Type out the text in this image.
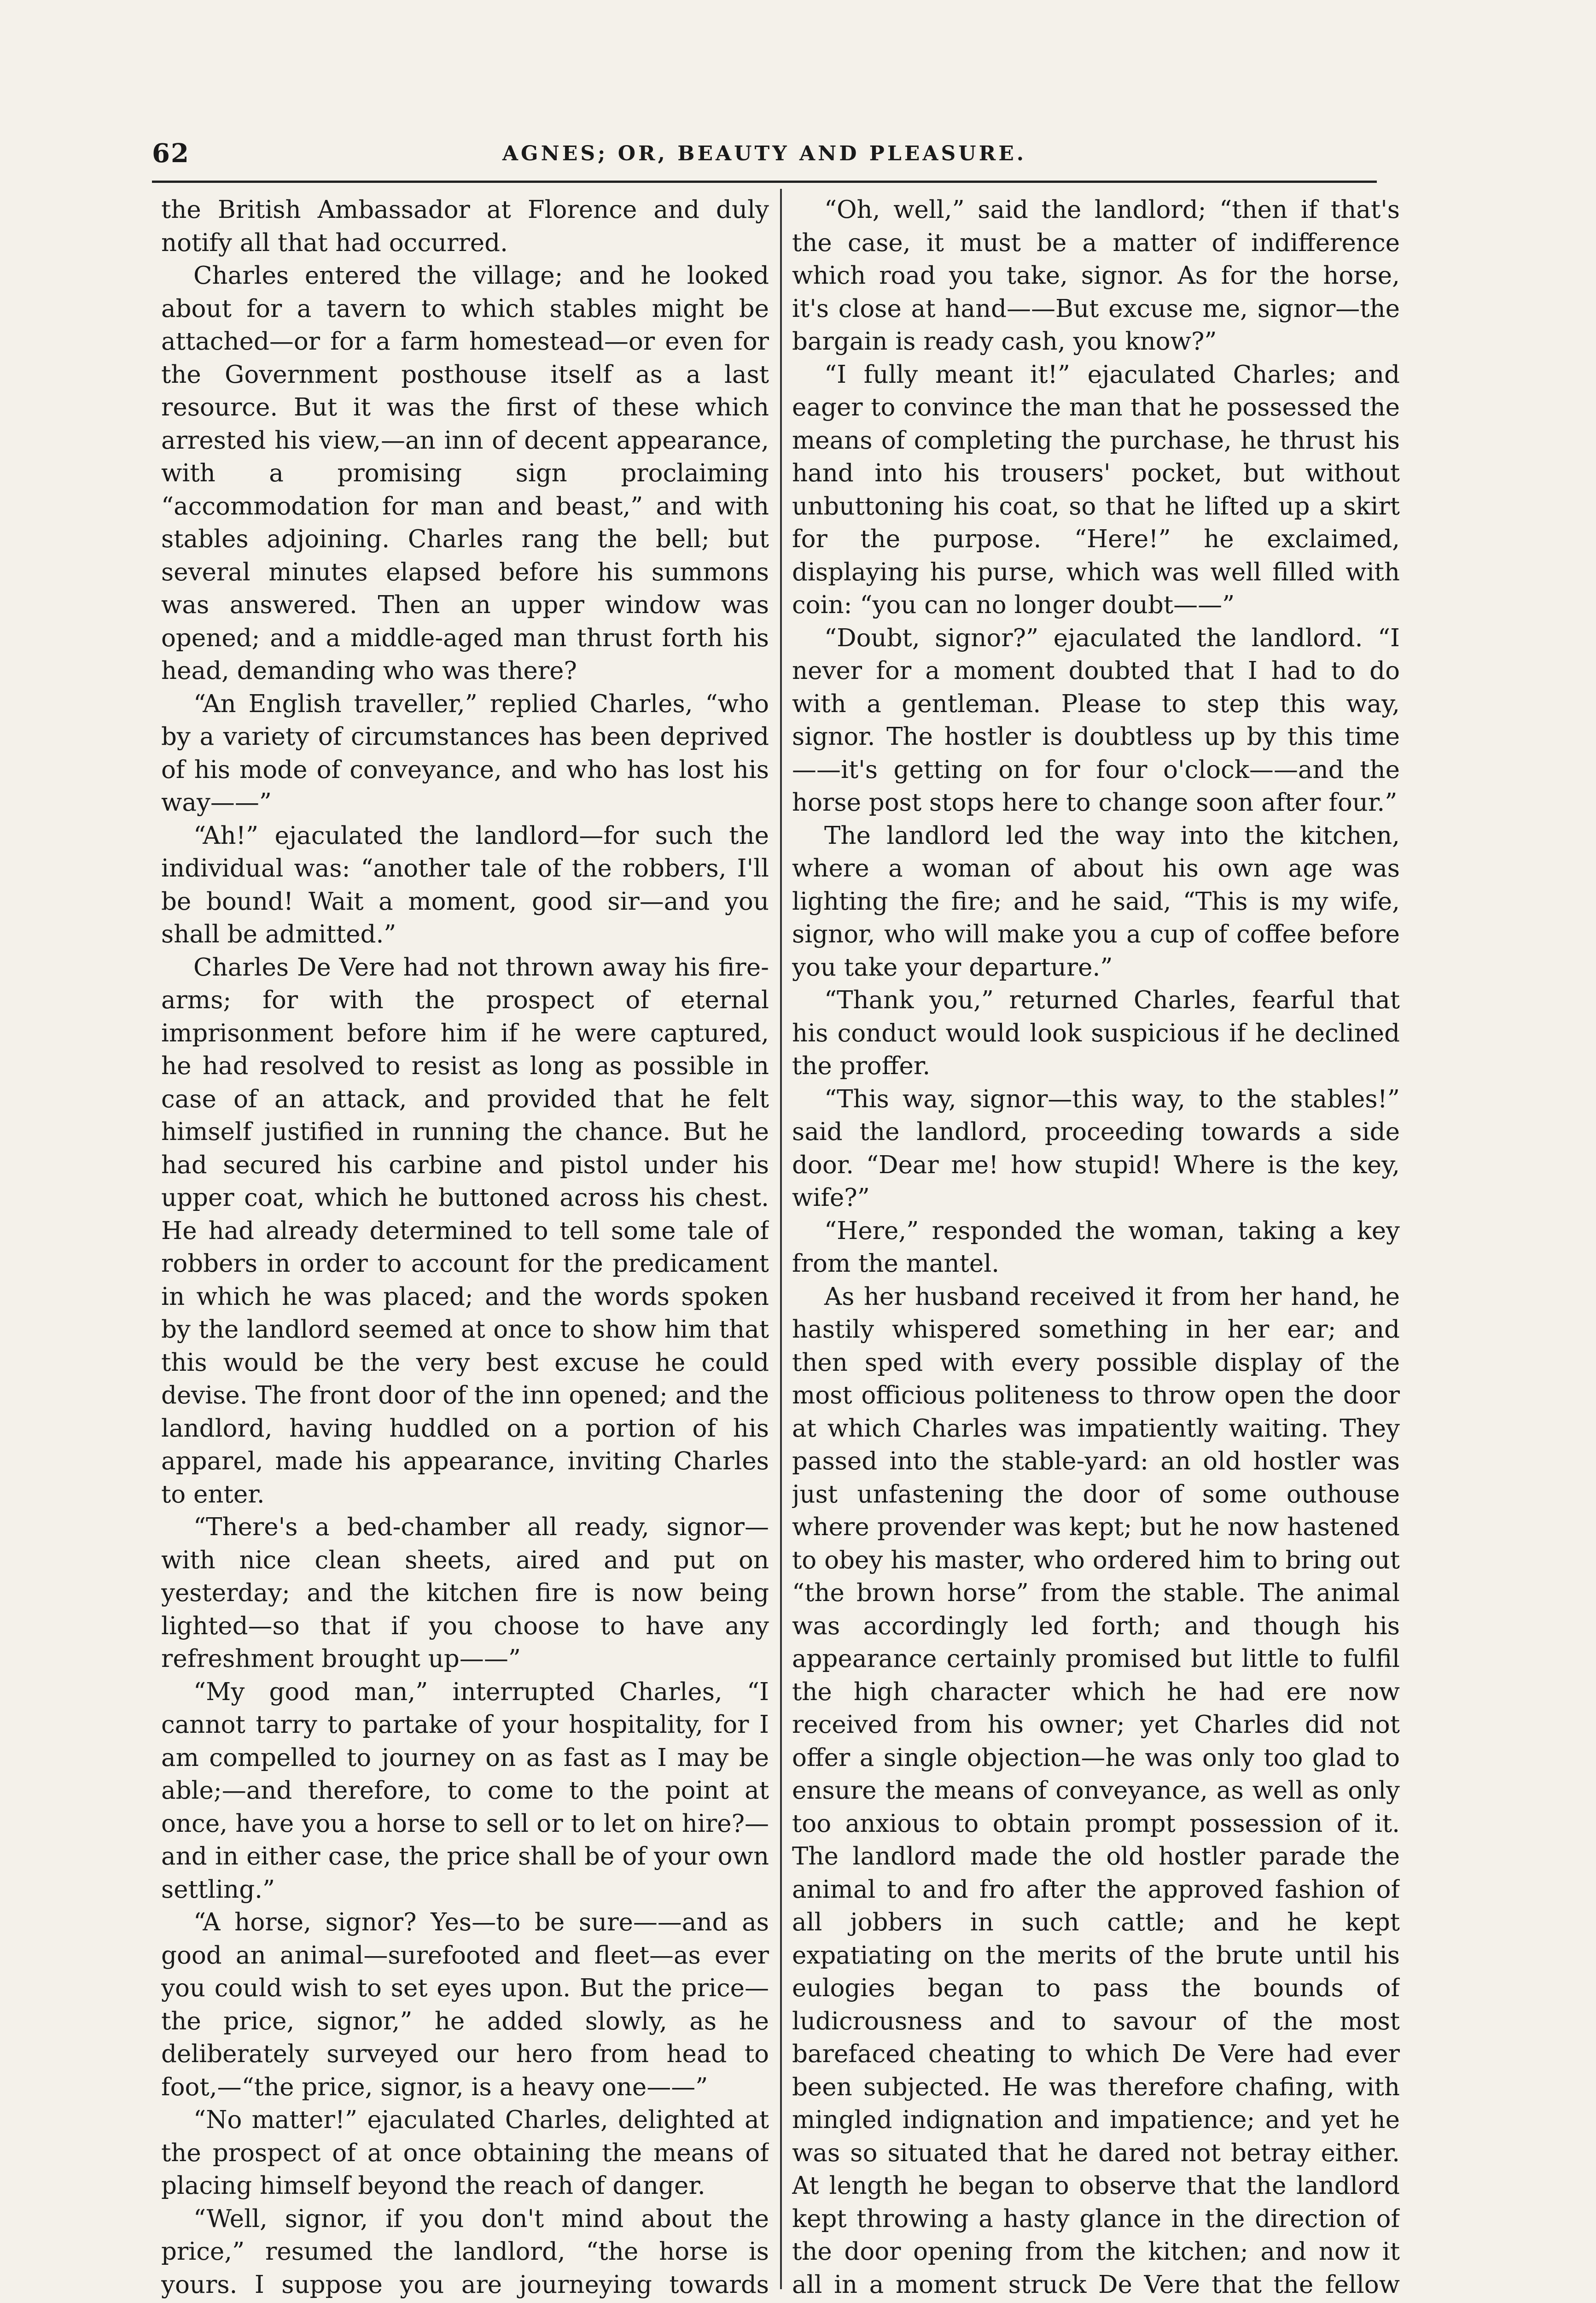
62	AGNES; OR, BEAUTY AND PLEASURE.

the British Ambassador at Florence and duly notify all that had occurred.

Charles entered the village; and he looked about for a tavern to which stables might be attached—or for a farm homestead—or even for the Government posthouse itself as a last resource. But it was the first of these which arrested his view,—an inn of decent appearance, with a promising sign proclaiming “accommodation for man and beast,” and with stables adjoining. Charles rang the bell; but several minutes elapsed before his summons was answered. Then an upper window was opened; and a middle-aged man thrust forth his head, demanding who was there?

“An English traveller,” replied Charles, “who by a variety of circumstances has been deprived of his mode of conveyance, and who has lost his way——”

“Ah!” ejaculated the landlord—for such the individual was: “another tale of the robbers, I'll be bound! Wait a moment, good sir—and you shall be admitted.”

Charles De Vere had not thrown away his fire-arms; for with the prospect of eternal imprisonment before him if he were captured, he had resolved to resist as long as possible in case of an attack, and provided that he felt himself justified in running the chance. But he had secured his carbine and pistol under his upper coat, which he buttoned across his chest. He had already determined to tell some tale of robbers in order to account for the predicament in which he was placed; and the words spoken by the landlord seemed at once to show him that this would be the very best excuse he could devise. The front door of the inn opened; and the landlord, having huddled on a portion of his apparel, made his appearance, inviting Charles to enter.

“There's a bed-chamber all ready, signor—with nice clean sheets, aired and put on yesterday; and the kitchen fire is now being lighted—so that if you choose to have any refreshment brought up——”

“My good man,” interrupted Charles, “I cannot tarry to partake of your hospitality, for I am compelled to journey on as fast as I may be able;—and therefore, to come to the point at once, have you a horse to sell or to let on hire?—and in either case, the price shall be of your own settling.”

“A horse, signor? Yes—to be sure——and as good an animal—surefooted and fleet—as ever you could wish to set eyes upon. But the price—the price, signor,” he added slowly, as he deliberately surveyed our hero from head to foot,—“the price, signor, is a heavy one——”

“No matter!” ejaculated Charles, delighted at the prospect of at once obtaining the means of placing himself beyond the reach of danger.

“Well, signor, if you don't mind about the price,” resumed the landlord, “the horse is yours. I suppose you are journeying towards

“Oh, well,” said the landlord; “then if that's the case, it must be a matter of indifference which road you take, signor. As for the horse, it's close at hand——But excuse me, signor—the bargain is ready cash, you know?”

“I fully meant it!” ejaculated Charles; and eager to convince the man that he possessed the means of completing the purchase, he thrust his hand into his trousers' pocket, but without unbuttoning his coat, so that he lifted up a skirt for the purpose. “Here!” he exclaimed, displaying his purse, which was well filled with coin: “you can no longer doubt——”

“Doubt, signor?” ejaculated the landlord. “I never for a moment doubted that I had to do with a gentleman. Please to step this way, signor. The hostler is doubtless up by this time——it's getting on for four o'clock——and the horse post stops here to change soon after four.”

The landlord led the way into the kitchen, where a woman of about his own age was lighting the fire; and he said, “This is my wife, signor, who will make you a cup of coffee before you take your departure.”

“Thank you,” returned Charles, fearful that his conduct would look suspicious if he declined the proffer.

“This way, signor—this way, to the stables!” said the landlord, proceeding towards a side door. “Dear me! how stupid! Where is the key, wife?”

“Here,” responded the woman, taking a key from the mantel.

As her husband received it from her hand, he hastily whispered something in her ear; and then sped with every possible display of the most officious politeness to throw open the door at which Charles was impatiently waiting. They passed into the stable-yard: an old hostler was just unfastening the door of some outhouse where provender was kept; but he now hastened to obey his master, who ordered him to bring out “the brown horse” from the stable. The animal was accordingly led forth; and though his appearance certainly promised but little to fulfil the high character which he had ere now received from his owner; yet Charles did not offer a single objection—he was only too glad to ensure the means of conveyance, as well as only too anxious to obtain prompt possession of it. The landlord made the old hostler parade the animal to and fro after the approved fashion of all jobbers in such cattle; and he kept expatiating on the merits of the brute until his eulogies began to pass the bounds of ludicrousness and to savour of the most barefaced cheating to which De Vere had ever been subjected. He was therefore chafing, with mingled indignation and impatience; and yet he was so situated that he dared not betray either. At length he began to observe that the landlord kept throwing a hasty glance in the direction of the door opening from the kitchen; and now it all in a moment struck De Vere that the fellow
